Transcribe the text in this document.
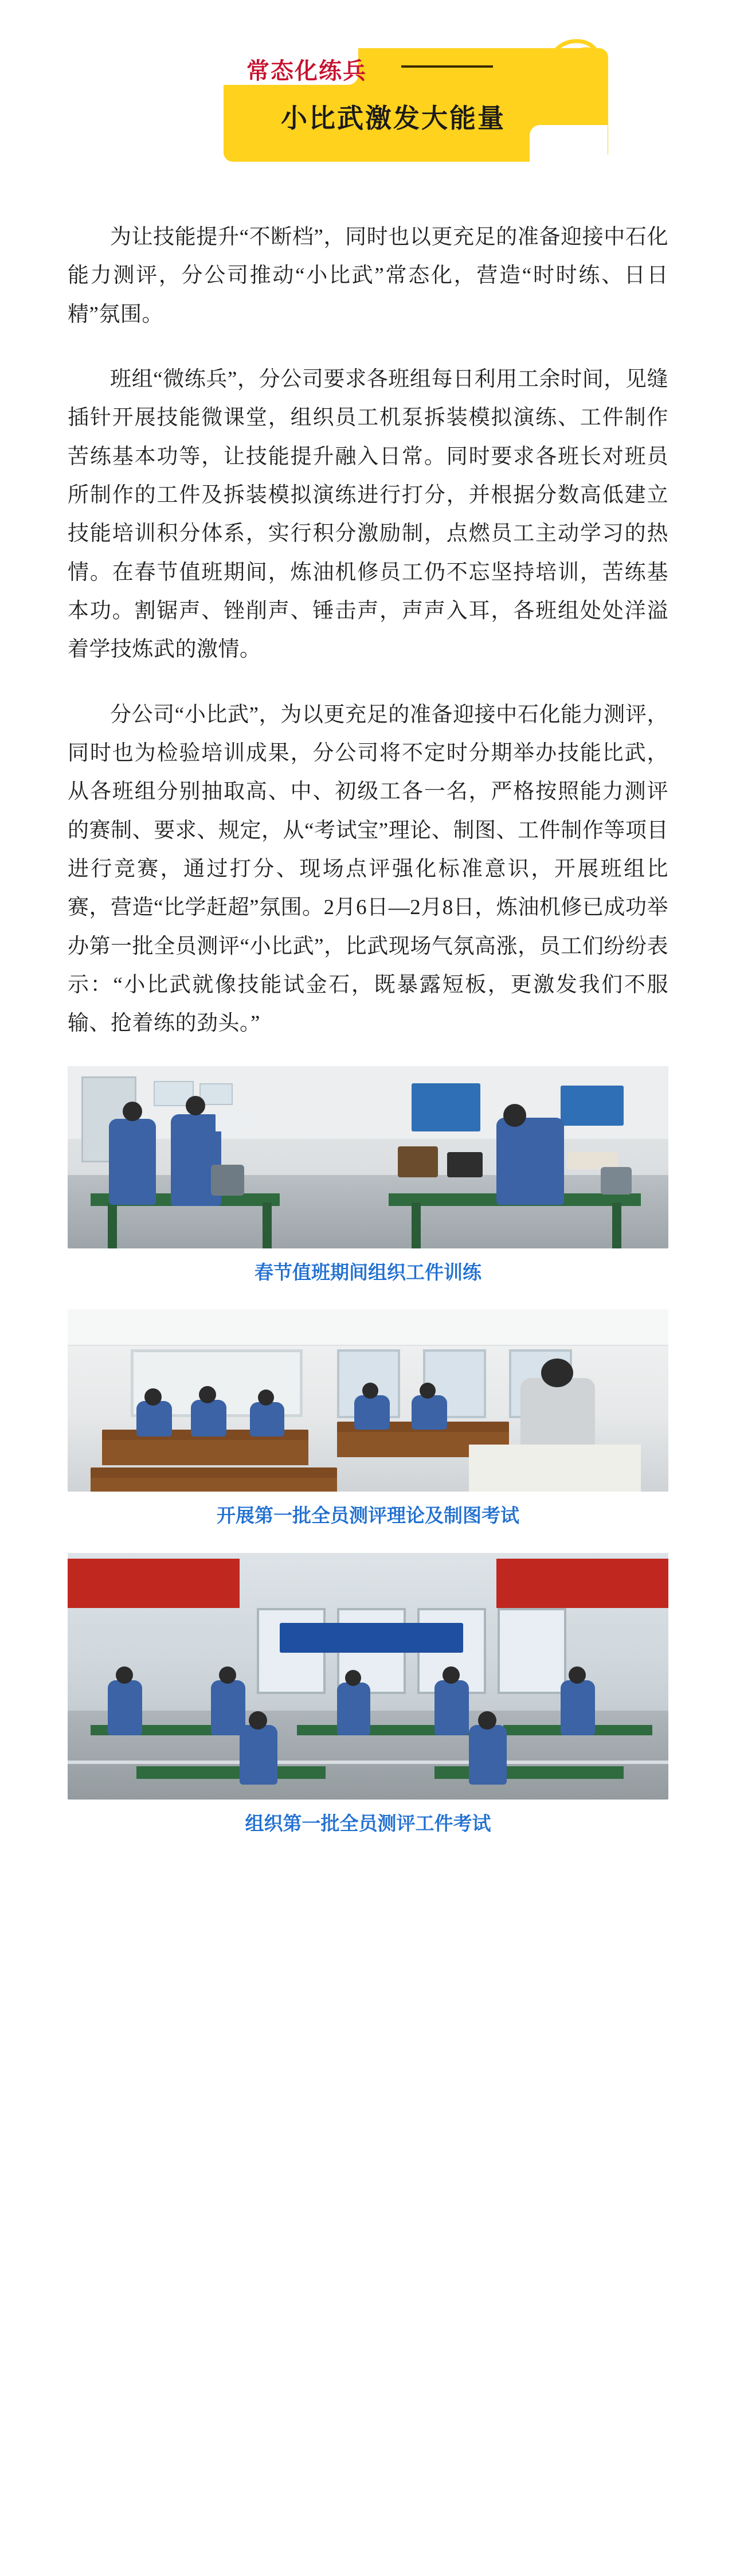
常态化练兵
小比武激发大能量

为让技能提升“不断档”，同时也以更充足的准备迎接中石化能力测评，分公司推动“小比武”常态化，营造“时时练、日日精”氛围。

班组“微练兵”，分公司要求各班组每日利用工余时间，见缝插针开展技能微课堂，组织员工机泵拆装模拟演练、工件制作苦练基本功等，让技能提升融入日常。同时要求各班长对班员所制作的工件及拆装模拟演练进行打分，并根据分数高低建立技能培训积分体系，实行积分激励制，点燃员工主动学习的热情。在春节值班期间，炼油机修员工仍不忘坚持培训，苦练基本功。割锯声、锉削声、锤击声，声声入耳，各班组处处洋溢着学技炼武的激情。

分公司“小比武”，为以更充足的准备迎接中石化能力测评，同时也为检验培训成果，分公司将不定时分期举办技能比武，从各班组分别抽取高、中、初级工各一名，严格按照能力测评的赛制、要求、规定，从“考试宝”理论、制图、工件制作等项目进行竞赛，通过打分、现场点评强化标准意识，开展班组比赛，营造“比学赶超”氛围。2月6日—2月8日，炼油机修已成功举办第一批全员测评“小比武”，比武现场气氛高涨，员工们纷纷表示：“小比武就像技能试金石，既暴露短板，更激发我们不服输、抢着练的劲头。”

春节值班期间组织工件训练
开展第一批全员测评理论及制图考试
组织第一批全员测评工件考试
